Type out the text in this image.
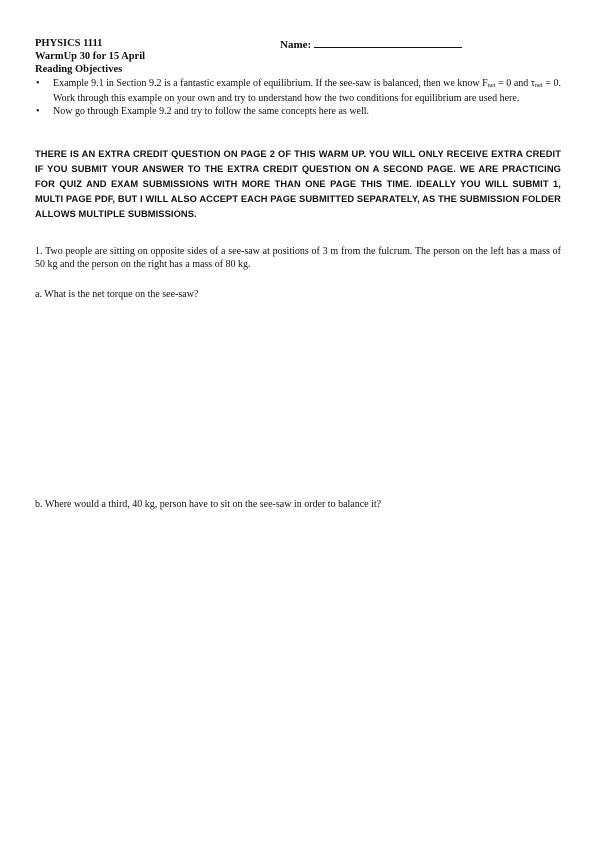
PHYSICS 1111
WarmUp 30 for 15 April
Reading Objectives
Name:
• Example 9.1 in Section 9.2 is a fantastic example of equilibrium. If the see-saw is balanced, then we know Fnet = 0 and τnet = 0. Work through this example on your own and try to understand how the two conditions for equilibrium are used here.
• Now go through Example 9.2 and try to follow the same concepts here as well.
THERE IS AN EXTRA CREDIT QUESTION ON PAGE 2 OF THIS WARM UP. YOU WILL ONLY RECEIVE EXTRA CREDIT IF YOU SUBMIT YOUR ANSWER TO THE EXTRA CREDIT QUESTION ON A SECOND PAGE. WE ARE PRACTICING FOR QUIZ AND EXAM SUBMISSIONS WITH MORE THAN ONE PAGE THIS TIME. IDEALLY YOU WILL SUBMIT 1, MULTI PAGE PDF, BUT I WILL ALSO ACCEPT EACH PAGE SUBMITTED SEPARATELY, AS THE SUBMISSION FOLDER ALLOWS MULTIPLE SUBMISSIONS.
1. Two people are sitting on opposite sides of a see-saw at positions of 3 m from the fulcrum. The person on the left has a mass of 50 kg and the person on the right has a mass of 80 kg.
a. What is the net torque on the see-saw?
b. Where would a third, 40 kg, person have to sit on the see-saw in order to balance it?
